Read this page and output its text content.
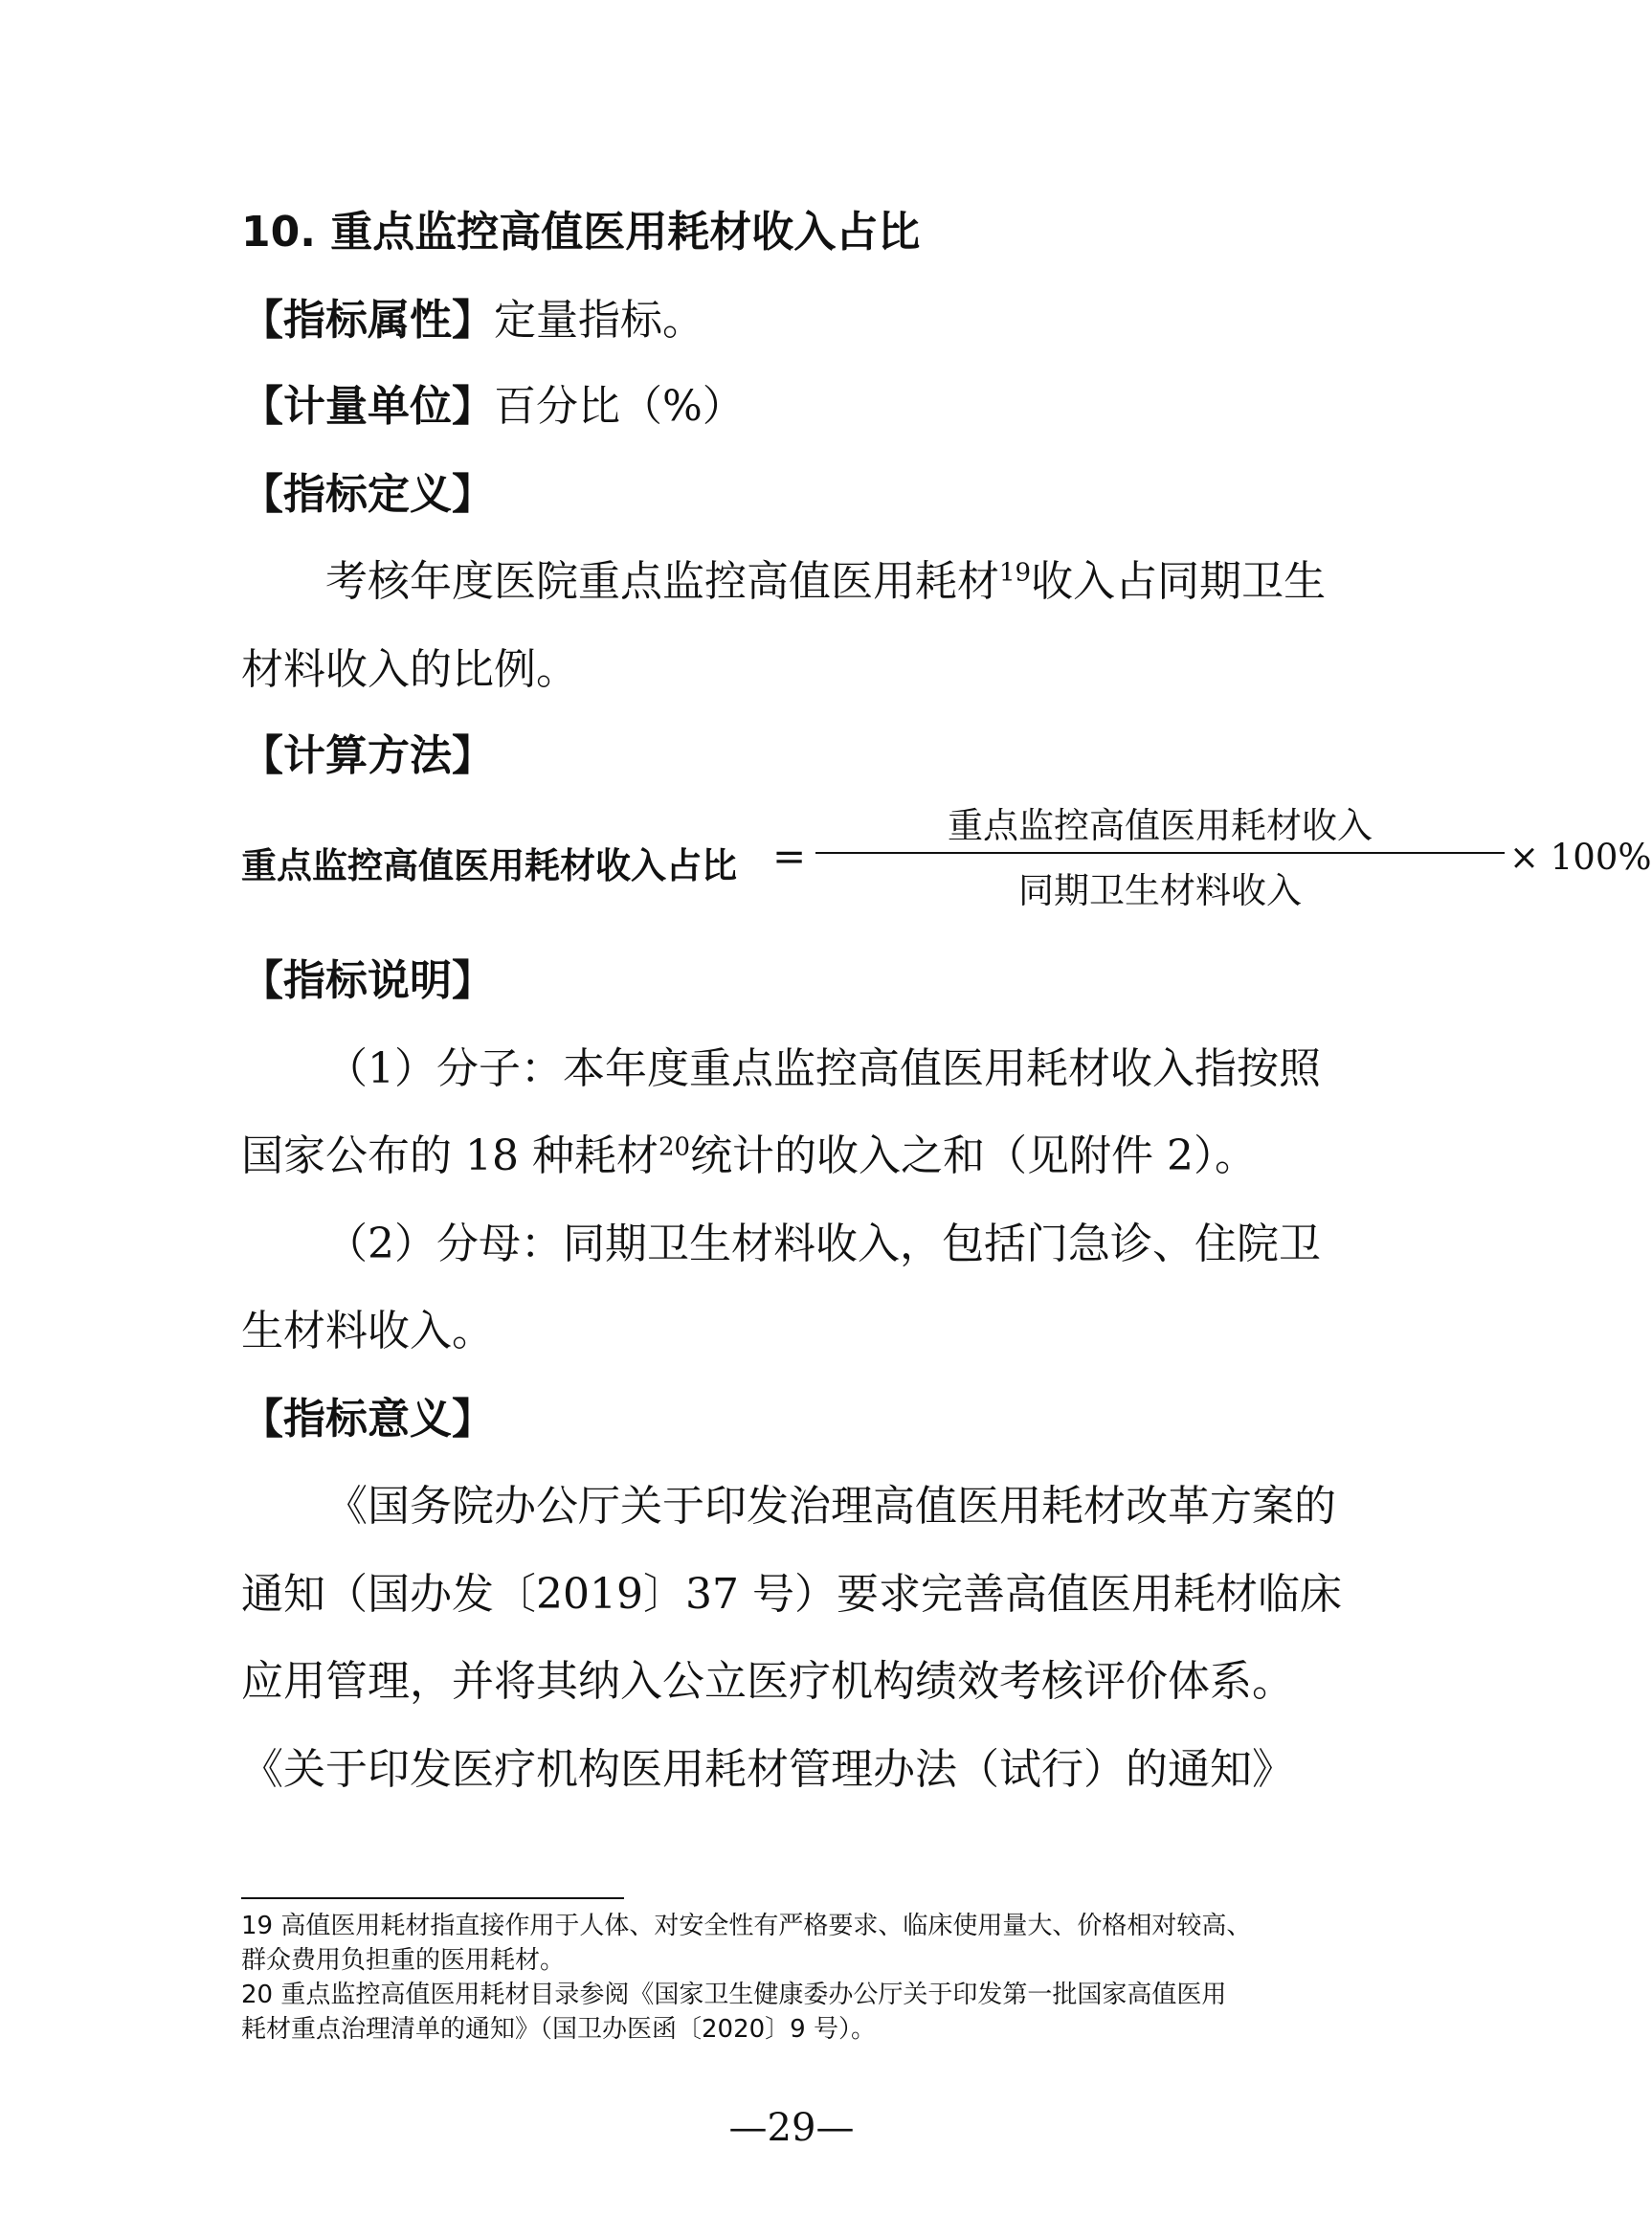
10. 重点监控高值医用耗材收入占比

【指标属性】定量指标。

【计量单位】百分比（%）

【指标定义】

考核年度医院重点监控高值医用耗材$^{19}$收入占同期卫生

材料收入的比例。

【计算方法】

重点监控高值医用耗材收入占比 =
重点监控高值医用耗材收入
同期卫生材料收入
× 100%

【指标说明】

（1）分子：本年度重点监控高值医用耗材收入指按照

国家公布的 18 种耗材$^{20}$统计的收入之和（见附件 2）。

（2）分母：同期卫生材料收入，包括门急诊、住院卫

生材料收入。

【指标意义】

《国务院办公厅关于印发治理高值医用耗材改革方案的

通知（国办发〔2019〕37 号）要求完善高值医用耗材临床

应用管理，并将其纳入公立医疗机构绩效考核评价体系。

《关于印发医疗机构医用耗材管理办法（试行）的通知》

19 高值医用耗材指直接作用于人体、对安全性有严格要求、临床使用量大、价格相对较高、

群众费用负担重的医用耗材。

20 重点监控高值医用耗材目录参阅《国家卫生健康委办公厅关于印发第一批国家高值医用

耗材重点治理清单的通知》（国卫办医函〔2020〕9 号）。

—29—
